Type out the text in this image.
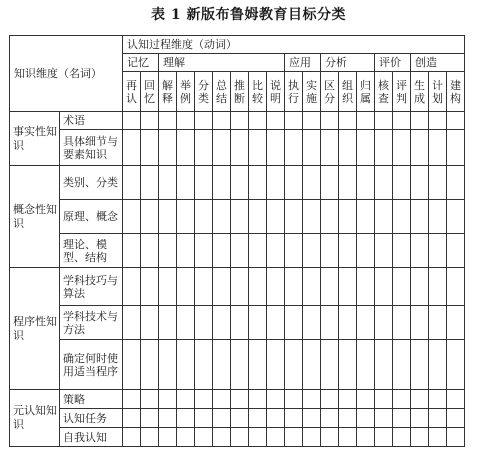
表 1 新版布鲁姆教育目标分类
知识维度（名词）		认知过程维度（动词）																		
		记忆		理解							应用		分析			评价		创造		
		再认	回忆	解释	举例	分类	总结	推断	比较	说明	执行	实施	区分	组织	归属	核查	评判	生成	计划	建构
事实性知识	术语																			
	具体细节与要素知识																			
概念性知识	类别、分类																			
	原理、概念																			
	理论、模型、结构																			
程序性知识	学科技巧与算法																			
	学科技术与方法																			
	确定何时使用适当程序																			
元认知知识	策略																			
	认知任务																			
	自我认知																			
